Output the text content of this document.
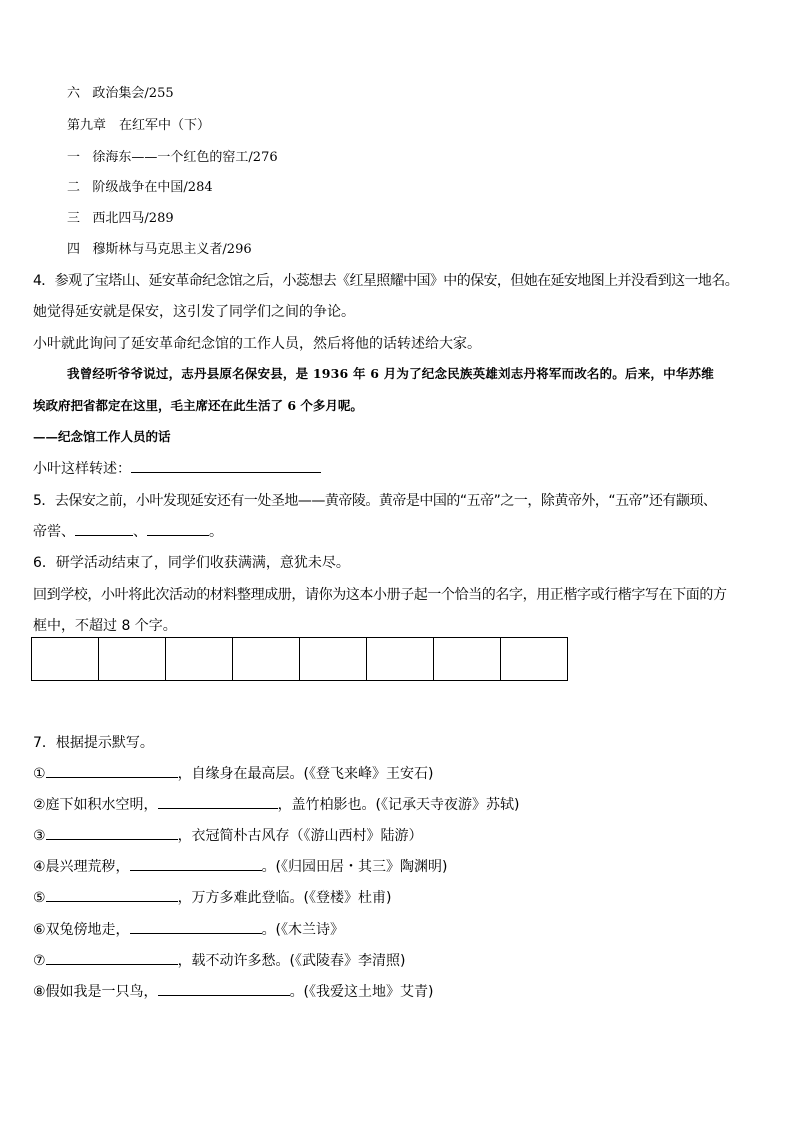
六 政治集会/255
第九章　在红军中（下）
一 徐海东——一个红色的窑工/276
二 阶级战争在中国/284
三 西北四马/289
四 穆斯林与马克思主义者/296
4．参观了宝塔山、延安革命纪念馆之后，小蕊想去《红星照耀中国》中的保安，但她在延安地图上并没看到这一地名。
她觉得延安就是保安，这引发了同学们之间的争论。
小叶就此询问了延安革命纪念馆的工作人员，然后将他的话转述给大家。
我曾经听爷爷说过，志丹县原名保安县，是 1936 年 6 月为了纪念民族英雄刘志丹将军而改名的。后来，中华苏维
埃政府把省都定在这里，毛主席还在此生活了 6 个多月呢。
——纪念馆工作人员的话
小叶这样转述：
5．去保安之前，小叶发现延安还有一处圣地——黄帝陵。黄帝是中国的“五帝”之一，除黄帝外，“五帝”还有颛顼、
帝喾、	、	。
6．研学活动结束了，同学们收获满满，意犹未尽。
回到学校，小叶将此次活动的材料整理成册，请你为这本小册子起一个恰当的名字，用正楷字或行楷字写在下面的方
框中，不超过 8 个字。

7．根据提示默写。
①	，自缘身在最高层。(《登飞来峰》王安石)
②庭下如积水空明，	，盖竹柏影也。(《记承天寺夜游》苏轼)
③	，衣冠简朴古风存（《游山西村》陆游）
④晨兴理荒秽，	。(《归园田居・其三》陶渊明)
⑤	，万方多难此登临。(《登楼》杜甫)
⑥双兔傍地走，	。(《木兰诗》
⑦	，载不动许多愁。(《武陵春》李清照)
⑧假如我是一只鸟，	。(《我爱这土地》艾青)
